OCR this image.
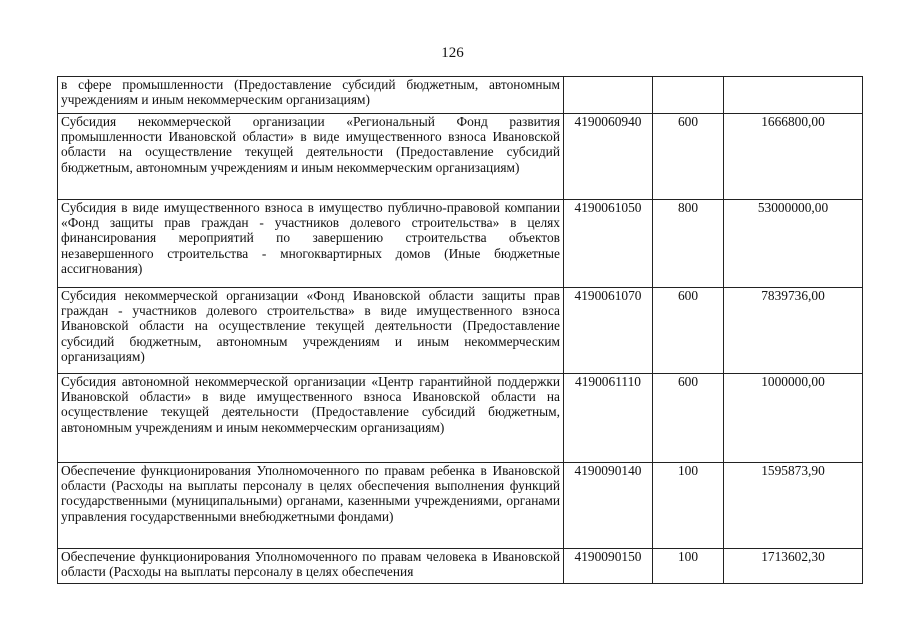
126
в сфере промышленности (Предоставление субсидий бюджетным, автономным учреждениям и иным некоммерческим организациям)			
Субсидия некоммерческой организации «Региональный Фонд развития промышленности Ивановской области» в виде имущественного взноса Ивановской области на осуществление текущей деятельности (Предоставление субсидий бюджетным, автономным учреждениям и иным некоммерческим организациям)	4190060940	600	1666800,00
Субсидия в виде имущественного взноса в имущество публично-правовой компании «Фонд защиты прав граждан - участников долевого строительства» в целях финансирования мероприятий по завершению строительства объектов незавершенного строительства - многоквартирных домов (Иные бюджетные ассигнования)	4190061050	800	53000000,00
Субсидия некоммерческой организации «Фонд Ивановской области защиты прав граждан - участников долевого строительства» в виде имущественного взноса Ивановской области на осуществление текущей деятельности (Предоставление субсидий бюджетным, автономным учреждениям и иным некоммерческим организациям)	4190061070	600	7839736,00
Субсидия автономной некоммерческой организации «Центр гарантийной поддержки Ивановской области» в виде имущественного взноса Ивановской области на осуществление текущей деятельности (Предоставление субсидий бюджетным, автономным учреждениям и иным некоммерческим организациям)	4190061110	600	1000000,00
Обеспечение функционирования Уполномоченного по правам ребенка в Ивановской области (Расходы на выплаты персоналу в целях обеспечения выполнения функций государственными (муниципальными) органами, казенными учреждениями, органами управления государственными внебюджетными фондами)	4190090140	100	1595873,90
Обеспечение функционирования Уполномоченного по правам человека в Ивановской области (Расходы на выплаты персоналу в целях обеспечения	4190090150	100	1713602,30
